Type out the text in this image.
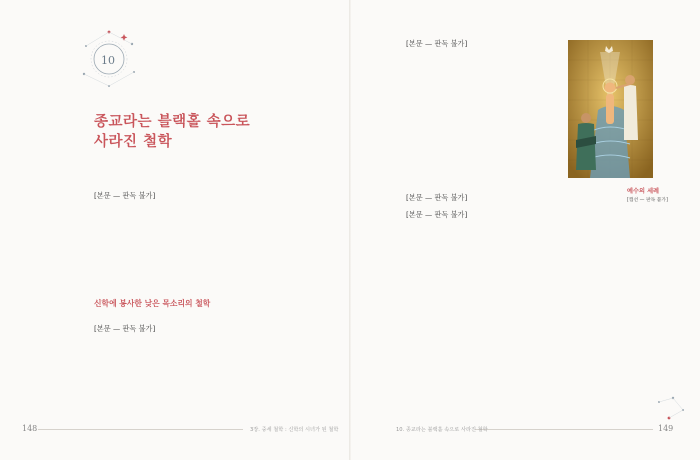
10
종교라는 블랙홀 속으로
사라진 철학

[본문 — 판독 불가]

신학에 봉사한 낮은 목소리의 철학

[본문 — 판독 불가]

148	3장. 중세 철학 : 신학의 시녀가 된 철학

[본문 — 판독 불가]

[본문 — 판독 불가]

[본문 — 판독 불가]

예수의 세례
[캡션 — 판독 불가]
10. 종교라는 블랙홀 속으로 사라진 철학	149
